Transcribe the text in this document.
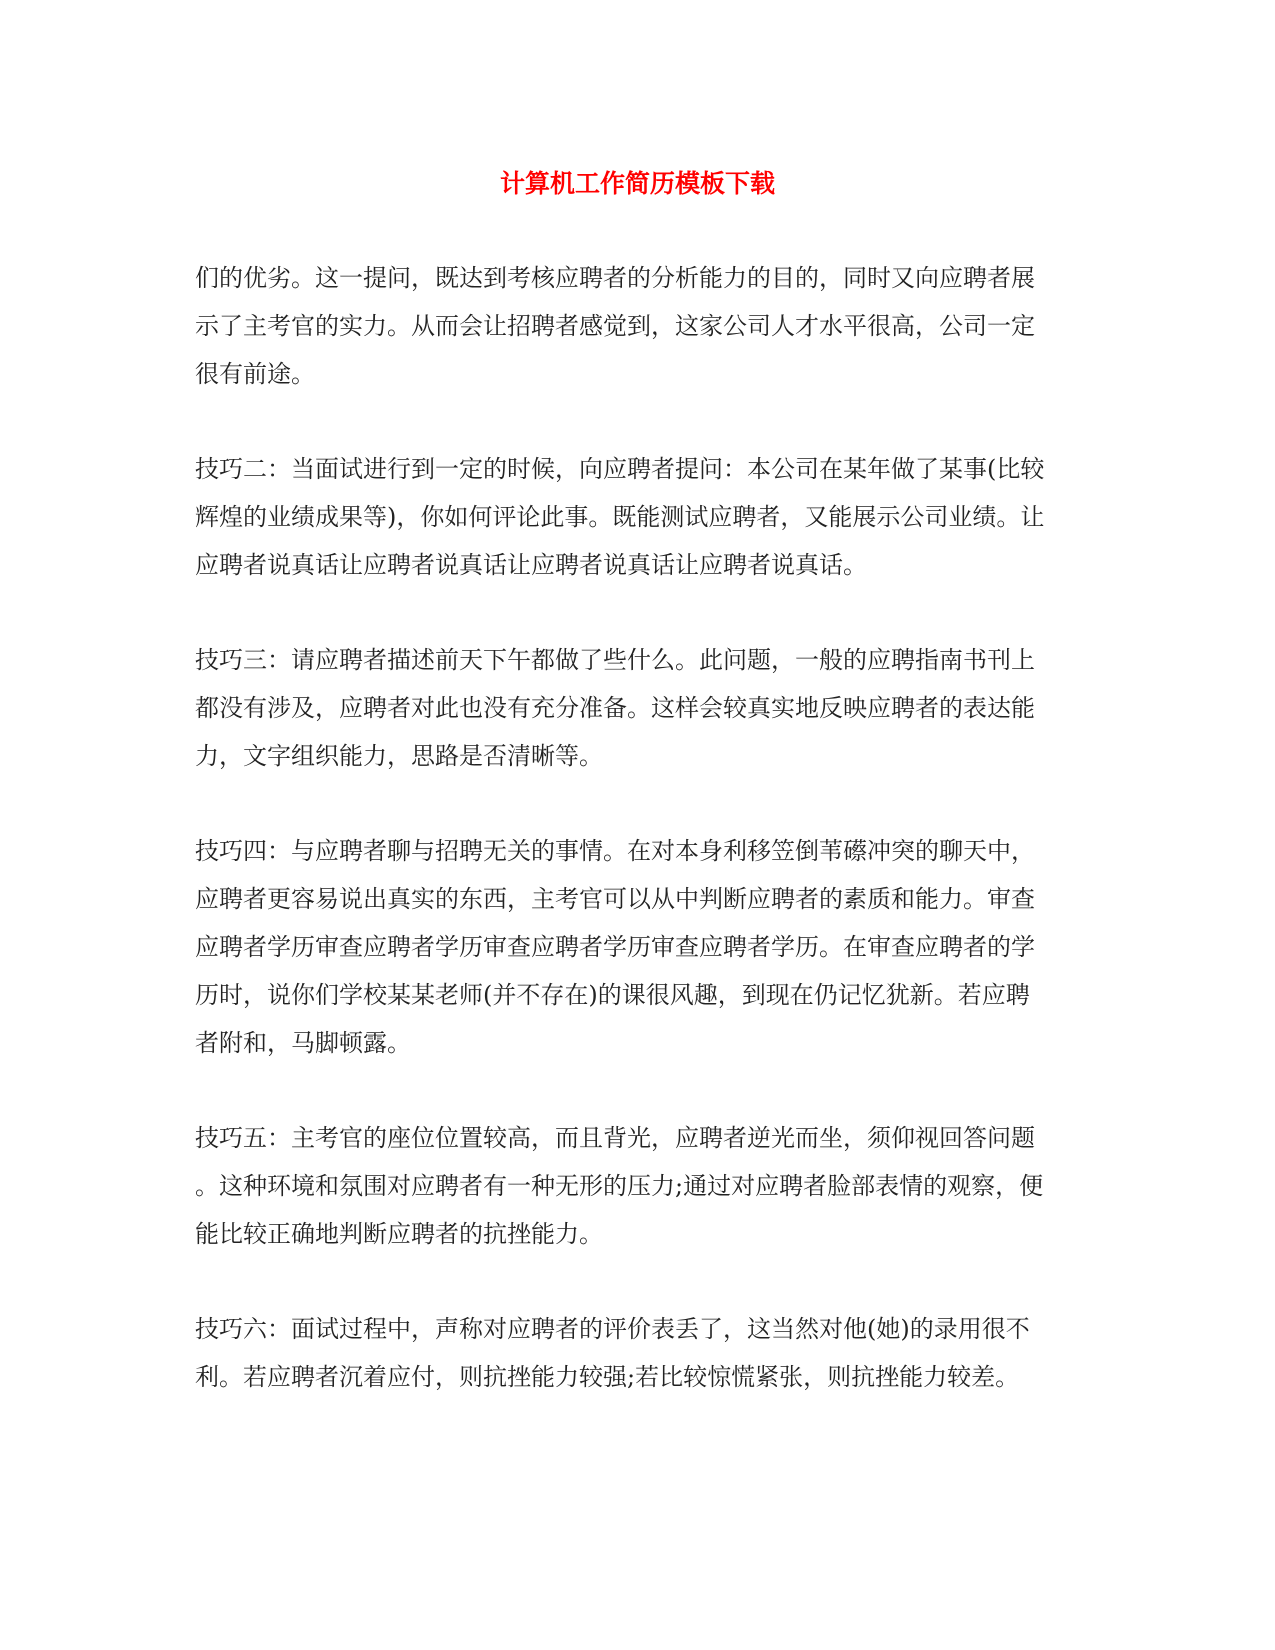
计算机工作简历模板下载

们的优劣。这一提问，既达到考核应聘者的分析能力的目的，同时又向应聘者展
示了主考官的实力。从而会让招聘者感觉到，这家公司人才水平很高，公司一定
很有前途。

技巧二：当面试进行到一定的时候，向应聘者提问：本公司在某年做了某事(比较
辉煌的业绩成果等)，你如何评论此事。既能测试应聘者，又能展示公司业绩。让
应聘者说真话让应聘者说真话让应聘者说真话让应聘者说真话。

技巧三：请应聘者描述前天下午都做了些什么。此问题，一般的应聘指南书刊上
都没有涉及，应聘者对此也没有充分准备。这样会较真实地反映应聘者的表达能
力，文字组织能力，思路是否清晰等。

技巧四：与应聘者聊与招聘无关的事情。在对本身利移笠倒苇礤冲突的聊天中，
应聘者更容易说出真实的东西，主考官可以从中判断应聘者的素质和能力。审查
应聘者学历审查应聘者学历审查应聘者学历审查应聘者学历。在审查应聘者的学
历时，说你们学校某某老师(并不存在)的课很风趣，到现在仍记忆犹新。若应聘
者附和，马脚顿露。

技巧五：主考官的座位位置较高，而且背光，应聘者逆光而坐，须仰视回答问题
。这种环境和氛围对应聘者有一种无形的压力;通过对应聘者脸部表情的观察，便
能比较正确地判断应聘者的抗挫能力。

技巧六：面试过程中，声称对应聘者的评价表丢了，这当然对他(她)的录用很不
利。若应聘者沉着应付，则抗挫能力较强;若比较惊慌紧张，则抗挫能力较差。
